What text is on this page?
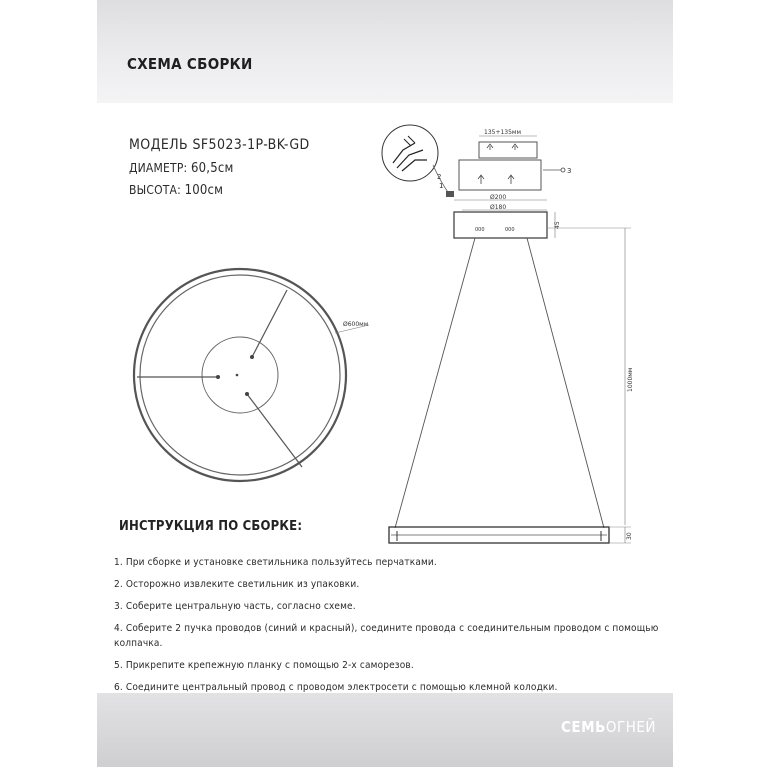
СХЕМА СБОРКИ
МОДЕЛЬ SF5023-1P-BK-GD
ДИАМЕТР: 60,5см
ВЫСОТА: 100см
Ø600мм
135+135мм
2
1
3
Ø200
Ø180
000	000
45
1000мм
30
ИНСТРУКЦИЯ ПО СБОРКЕ:
1. При сборке и установке светильника пользуйтесь перчатками.
2. Осторожно извлеките светильник из упаковки.
3. Соберите центральную часть, согласно схеме.
4. Соберите 2 пучка проводов (синий и красный), соедините провода с соединительным проводом с помощью колпачка.
5. Прикрепите крепежную планку с помощью 2-х саморезов.
6. Соедините центральный провод с проводом электросети с помощью клемной колодки.
СЕМЬОГНЕЙ
